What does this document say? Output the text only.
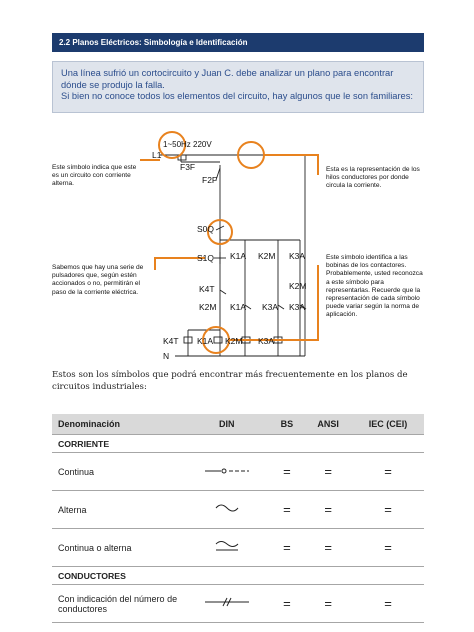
2.2 Planos Eléctricos: Simbología e Identificación
Una línea sufrió un cortocircuito y Juan C. debe analizar un plano para encontrar dónde se produjo la falla.
Si bien no conoce todos los elementos del circuito, hay algunos que le son familiares:
1~50Hz 220V
L1
F3F
F2F
S0Q
S1Q K1A K2M K3A
K4T	K2M
K2M K1A K3A K3A
K4T K1A K2M K3A
N
Este símbolo indica que este es un circuito con corriente alterna.
Sabemos que hay una serie de pulsadores que, según estén accionados o no, permitirán el paso de la corriente eléctrica.
Esta es la representación de los hilos conductores por donde circula la corriente.
Este símbolo identifica a las bobinas de los contactores. Probablemente, usted reconozca a este símbolo para representarlas. Recuerde que la representación de cada símbolo puede variar según la norma de aplicación.
Estos son los símbolos que podrá encontrar más frecuentemente en los planos de circuitos industriales:
Denominación	DIN	BS	ANSI	IEC (CEI)
CORRIENTE				
Continua		=	=	=
Alterna		=	=	=
Continua o alterna		=	=	=
CONDUCTORES				
Con indicación del número de conductores		=	=	=
